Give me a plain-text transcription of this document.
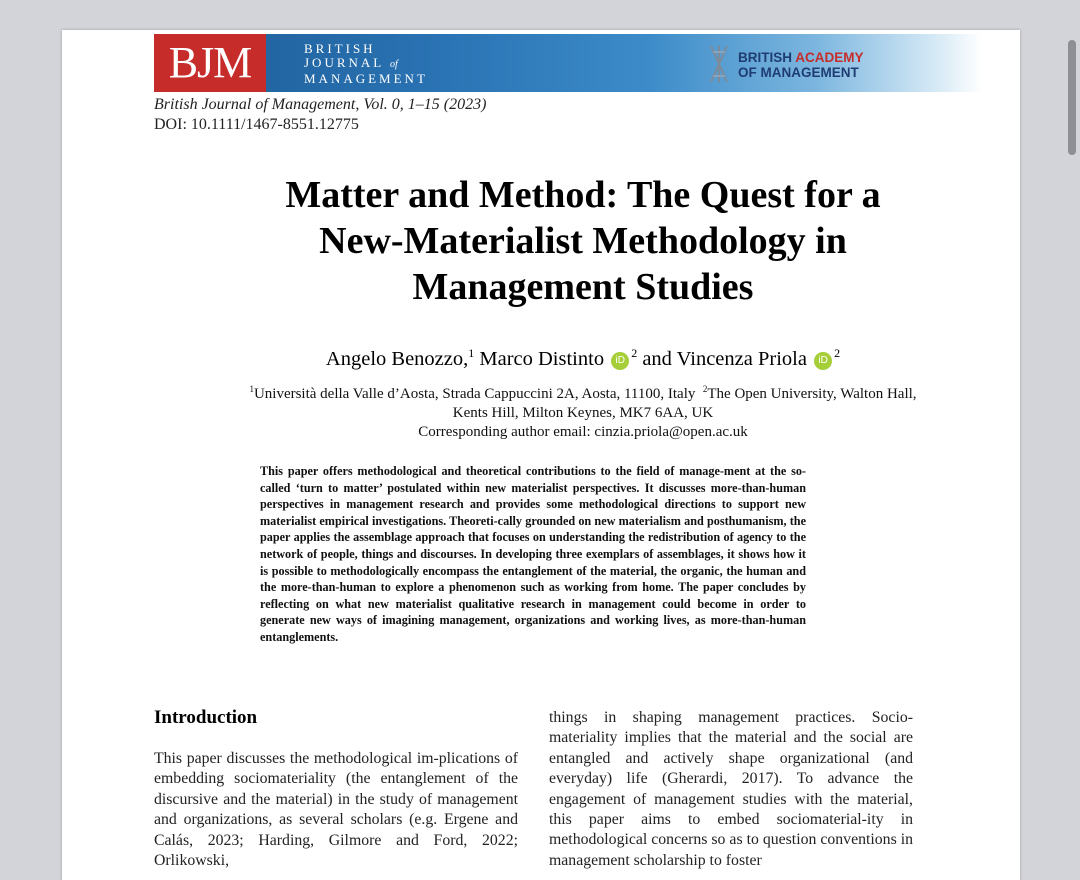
BJM	BRITISH
JOURNAL of
MANAGEMENT
BRITISH ACADEMY
OF MANAGEMENT
British Journal of Management, Vol. 0, 1–15 (2023)
DOI: 10.1111/1467-8551.12775
Matter and Method: The Quest for a
New-Materialist Methodology in
Management Studies
Angelo Benozzo,$^1$ Marco Distinto $iD^2$ and Vincenza Priola $iD^2$
$^1$Università della Valle d’Aosta, Strada Cappuccini 2A, Aosta, 11100, Italy $^2$The Open University, Walton Hall,
Kents Hill, Milton Keynes, MK7 6AA, UK
Corresponding author email: cinzia.priola@open.ac.uk
This paper offers methodological and theoretical contributions to the field of manage-ment at the so-called ‘turn to matter’ postulated within new materialist perspectives. It discusses more-than-human perspectives in management research and provides some methodological directions to support new materialist empirical investigations. Theoreti-cally grounded on new materialism and posthumanism, the paper applies the assemblage approach that focuses on understanding the redistribution of agency to the network of people, things and discourses. In developing three exemplars of assemblages, it shows how it is possible to methodologically encompass the entanglement of the material, the organic, the human and the more-than-human to explore a phenomenon such as working from home. The paper concludes by reflecting on what new materialist qualitative research in management could become in order to generate new ways of imagining management, organizations and working lives, as more-than-human entanglements.
Introduction

This paper discusses the methodological im-plications of embedding sociomateriality (the entanglement of the discursive and the material) in the study of management and organizations, as several scholars (e.g. Ergene and Calás, 2023; Harding, Gilmore and Ford, 2022; Orlikowski,

things in shaping management practices. Socio-materiality implies that the material and the social are entangled and actively shape organizational (and everyday) life (Gherardi, 2017). To advance the engagement of management studies with the material, this paper aims to embed sociomaterial-ity in methodological concerns so as to question conventions in management scholarship to foster
